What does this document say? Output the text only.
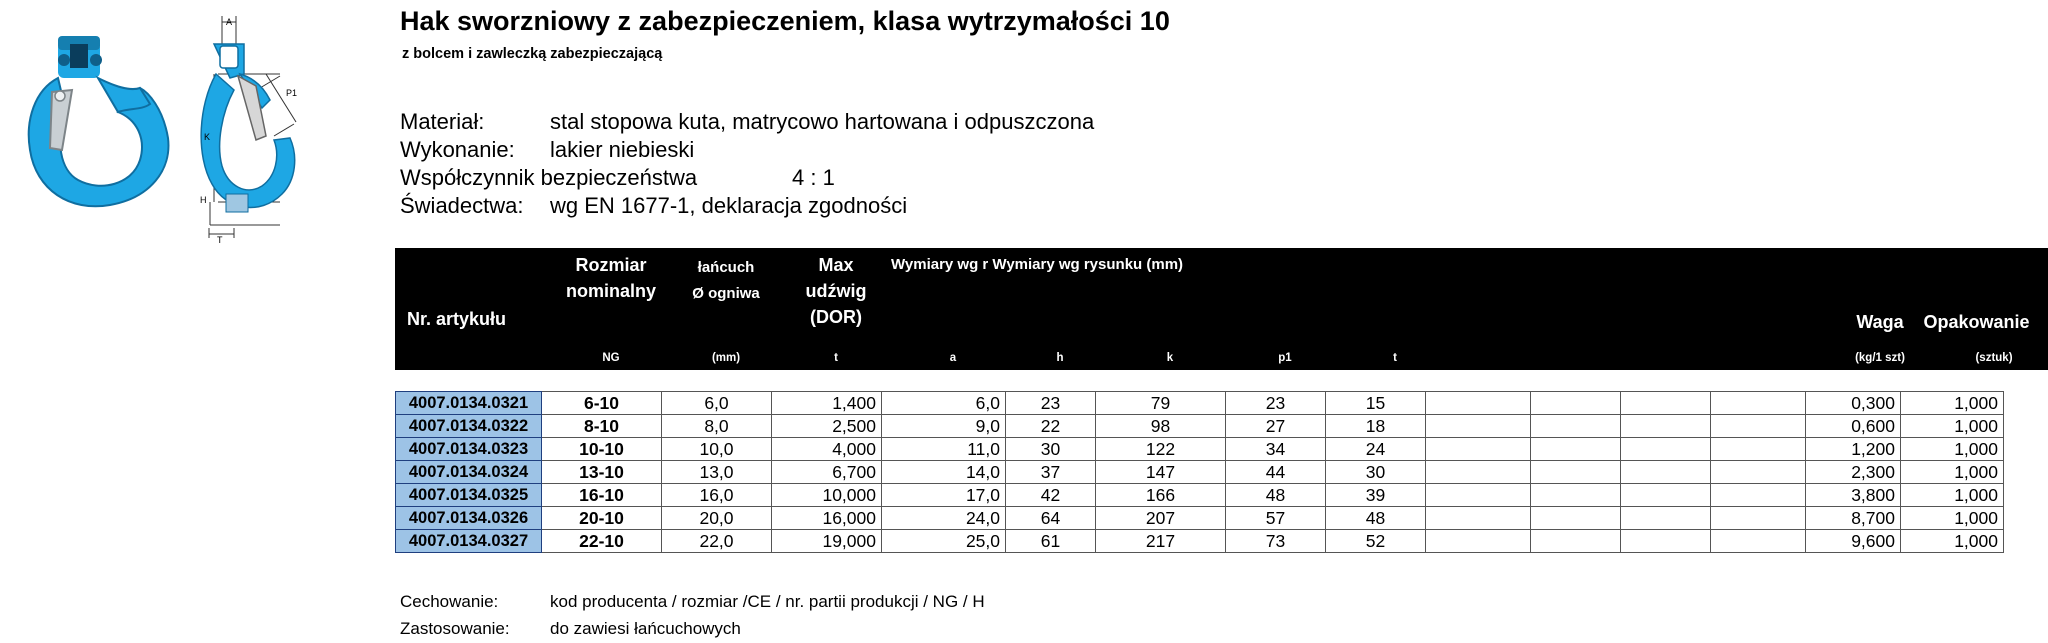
A
P1
K
H
T
Hak sworzniowy z zabezpieczeniem, klasa wytrzymałości 10
z bolcem i zawleczką zabezpieczającą
Materiał:	stal stopowa kuta, matrycowo hartowana i odpuszczona
Wykonanie: lakier niebieski
Współczynnik bezpieczeństwa	4 : 1
Świadectwa: wg EN 1677-1, deklaracja zgodności
Nr. artykułu
Rozmiar
nominalny
łańcuch
Ø ogniwa
Max
udźwig
(DOR)
Wymiary wg r Wymiary wg rysunku (mm)
Waga	Opakowanie
NG	(mm)	t	a	h	k	p1	t	(kg/1 szt)	(sztuk)
4007.0134.0321	6-10	6,0	1,400	6,0	23	79	23	15					0,300	1,000
4007.0134.0322	8-10	8,0	2,500	9,0	22	98	27	18					0,600	1,000
4007.0134.0323	10-10	10,0	4,000	11,0	30	122	34	24					1,200	1,000
4007.0134.0324	13-10	13,0	6,700	14,0	37	147	44	30					2,300	1,000
4007.0134.0325	16-10	16,0	10,000	17,0	42	166	48	39					3,800	1,000
4007.0134.0326	20-10	20,0	16,000	24,0	64	207	57	48					8,700	1,000
4007.0134.0327	22-10	22,0	19,000	25,0	61	217	73	52					9,600	1,000
Cechowanie:	kod producenta / rozmiar /CE / nr. partii produkcji / NG / H
Zastosowanie: do zawiesi łańcuchowych
